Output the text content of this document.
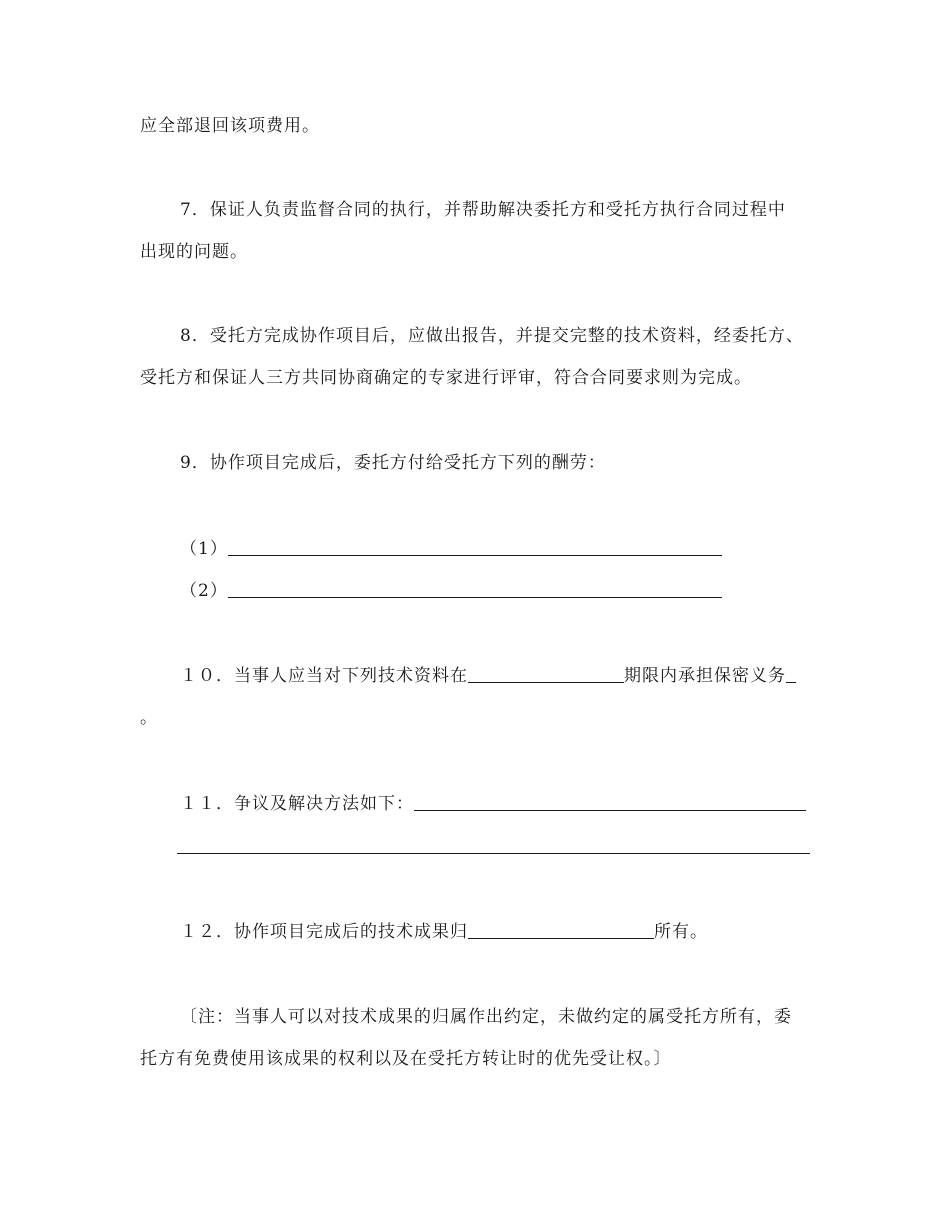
应全部退回该项费用。
7．保证人负责监督合同的执行，并帮助解决委托方和受托方执行合同过程中
出现的问题。
8．受托方完成协作项目后，应做出报告，并提交完整的技术资料，经委托方、
受托方和保证人三方共同协商确定的专家进行评审，符合合同要求则为完成。
9．协作项目完成后，委托方付给受托方下列的酬劳：
（1）
（2）
１０．当事人应当对下列技术资料在	期限内承担保密义务
。
１１．争议及解决方法如下：
１２．协作项目完成后的技术成果归	所有。
〔注：当事人可以对技术成果的归属作出约定，未做约定的属受托方所有，委
托方有免费使用该成果的权利以及在受托方转让时的优先受让权。〕
